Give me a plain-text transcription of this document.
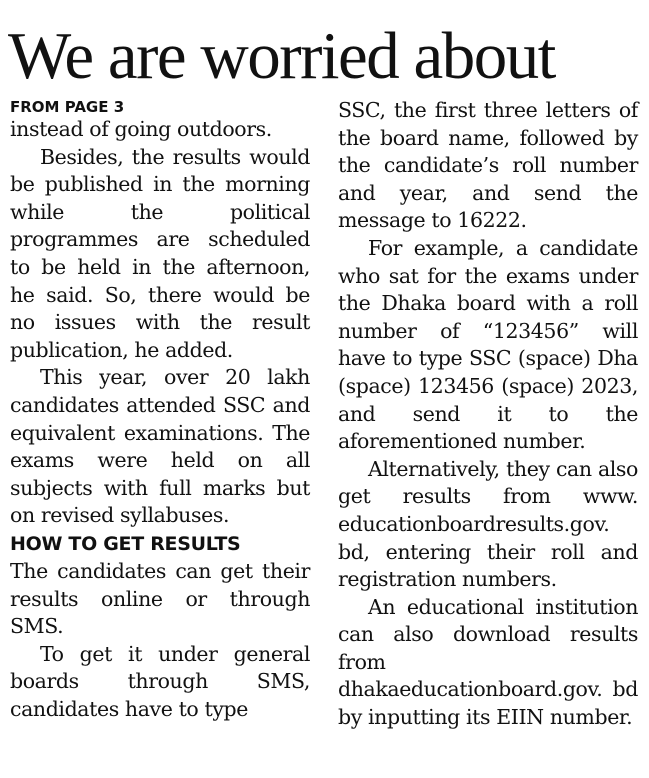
We are worried about
FROM PAGE 3

instead of going outdoors.

Besides, the results would be published in the morning while the political programmes are scheduled to be held in the afternoon, he said. So, there would be no issues with the result publication, he added.

This year, over 20 lakh candidates attended SSC and equivalent examinations. The exams were held on all subjects with full marks but on revised syllabuses.

HOW TO GET RESULTS

The candidates can get their results online or through SMS.

To get it under general boards through SMS, candidates have to type

SSC, the first three letters of the board name, followed by the candidate’s roll number and year, and send the message to 16222.

For example, a candidate who sat for the exams under the Dhaka board with a roll number of “123456” will have to type SSC (space) Dha (space) 123456 (space) 2023, and send it to the aforementioned number.

Alternatively, they can also get results from www. educationboardresults.gov. bd, entering their roll and registration numbers.

An educational institution can also download results from dhakaeducationboard.gov. bd by inputting its EIIN number.
